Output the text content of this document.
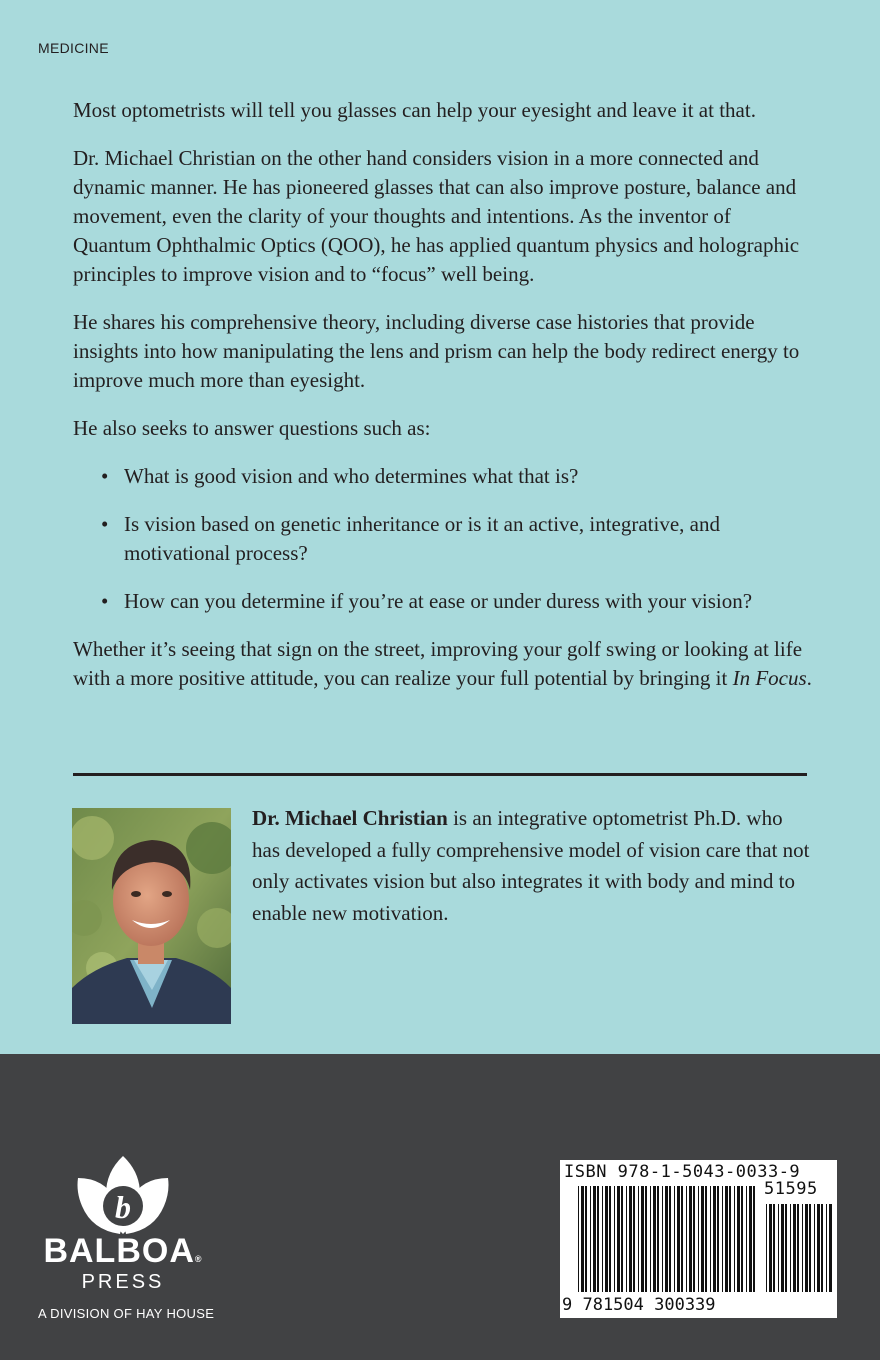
MEDICINE

Most optometrists will tell you glasses can help your eyesight and leave it at that.

Dr. Michael Christian on the other hand considers vision in a more connected and dynamic manner. He has pioneered glasses that can also improve posture, balance and movement, even the clarity of your thoughts and intentions. As the inventor of Quantum Ophthalmic Optics (QOO), he has applied quantum physics and holographic principles to improve vision and to “focus” well being.

He shares his comprehensive theory, including diverse case histories that provide insights into how manipulating the lens and prism can help the body redirect energy to improve much more than eyesight.

He also seeks to answer questions such as:

• What is good vision and who determines what that is?
• Is vision based on genetic inheritance or is it an active, integrative, and motivational process?
• How can you determine if you’re at ease or under duress with your vision?

Whether it’s seeing that sign on the street, improving your golf swing or looking at life with a more positive attitude, you can realize your full potential by bringing it In Focus.

Dr. Michael Christian is an integrative optometrist Ph.D. who has developed a fully comprehensive model of vision care that not only activates vision but also integrates it with body and mind to enable new motivation.
b
BALBOA®
PRESS
A DIVISION OF HAY HOUSE
ISBN 978-1-5043-0033-9
51595
9 781504 300339
